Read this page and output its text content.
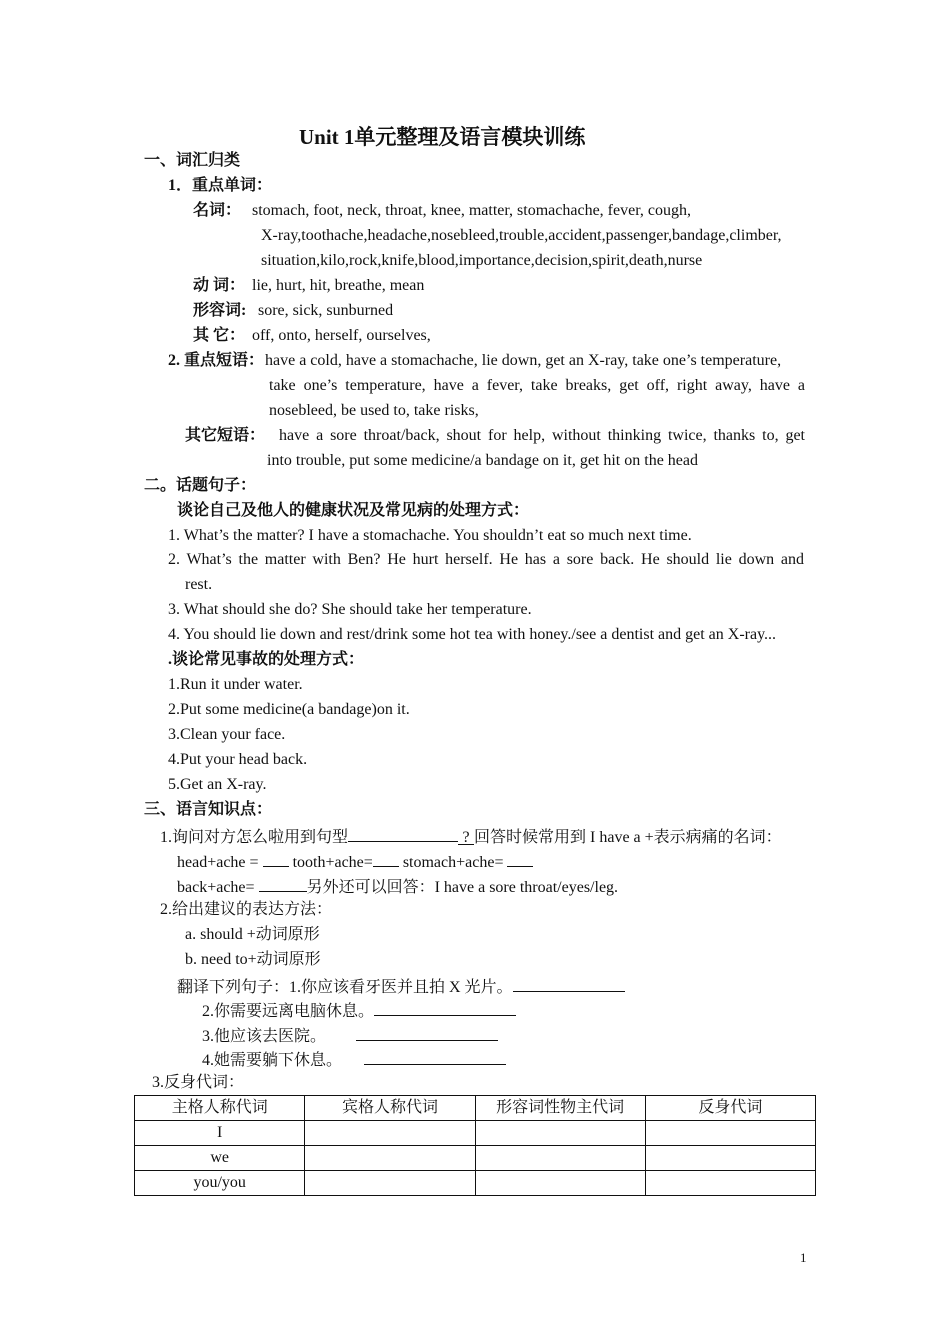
Unit 1单元整理及语言模块训练
一、词汇归类
1．重点单词：
名词： stomach, foot, neck, throat, knee, matter, stomachache, fever, cough,
X-ray,toothache,headache,nosebleed,trouble,accident,passenger,bandage,climber,
situation,kilo,rock,knife,blood,importance,decision,spirit,death,nurse
动 词： lie, hurt, hit, breathe, mean
形容词: sore, sick, sunburned
其 它： off, onto, herself, ourselves,
2. 重点短语： have a cold, have a stomachache, lie down, get an X-ray, take one’s temperature,
take one’s temperature, have a fever, take breaks, get off, right away, have a
nosebleed, be used to, take risks,
其它短语： have a sore throat/back, shout for help, without thinking twice, thanks to, get
into trouble, put some medicine/a bandage on it, get hit on the head
二。话题句子：
谈论自己及他人的健康状况及常见病的处理方式：
1. What’s the matter? I have a stomachache. You shouldn’t eat so much next time.
2. What’s the matter with Ben? He hurt herself. He has a sore back. He should lie down and
rest.
3. What should she do? She should take her temperature.
4. You should lie down and rest/drink some hot tea with honey./see a dentist and get an X-ray...
.谈论常见事故的处理方式：
1.Run it under water.
2.Put some medicine(a bandage)on it.
3.Clean your face.
4.Put your head back.
5.Get an X-ray.
三、语言知识点：
1.询问对方怎么啦用到句型	? 回答时候常用到 I have a +表示病痛的名词：
head+ache = tooth+ache= stomach+ache=
back+ache=	另外还可以回答：I have a sore throat/eyes/leg.
2.给出建议的表达方法：
a. should +动词原形
b. need to+动词原形
翻译下列句子：1.你应该看牙医并且拍 X 光片。
2.你需要远离电脑休息。
3.他应该去医院。
4.她需要躺下休息。
3.反身代词：
主格人称代词	宾格人称代词	形容词性物主代词	反身代词
I			
we			
you/you			
1
